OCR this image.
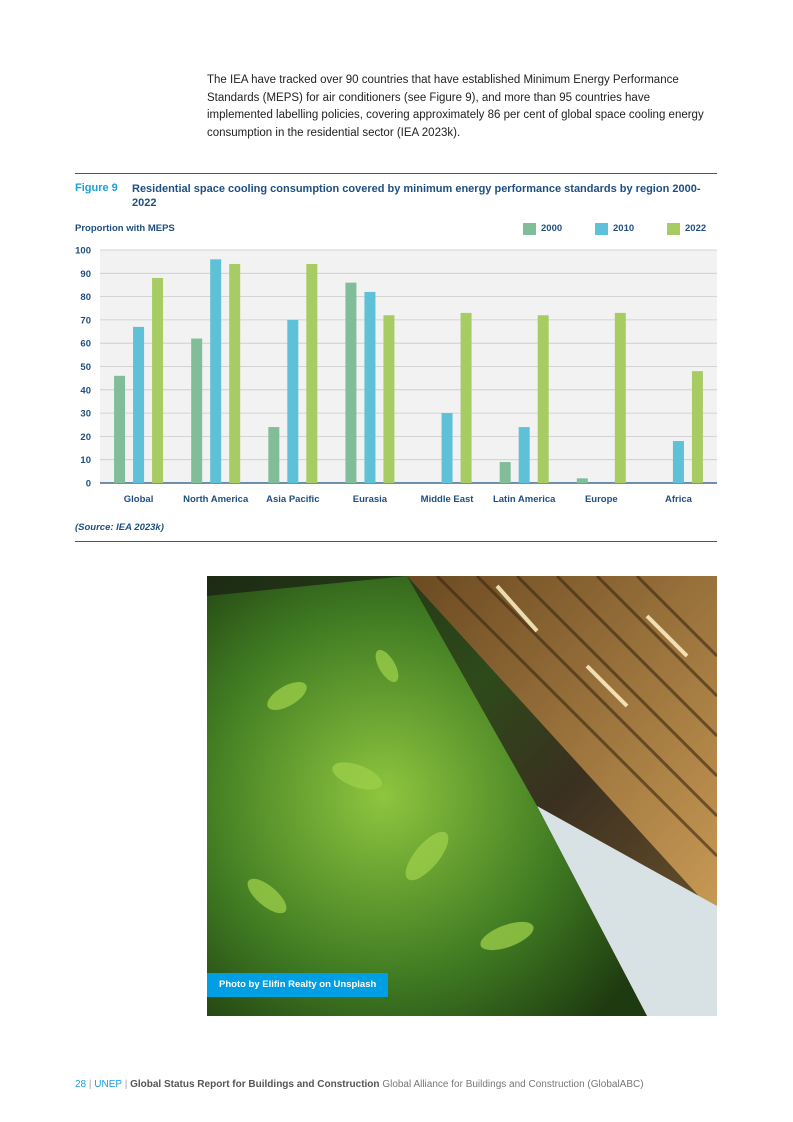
The IEA have tracked over 90 countries that have established Minimum Energy Performance Standards (MEPS) for air conditioners (see Figure 9), and more than 95 countries have implemented labelling policies, covering approximately 86 per cent of global space cooling energy consumption in the residential sector (IEA 2023k).
Figure 9 Residential space cooling consumption covered by minimum energy performance standards by region 2000-2022
Proportion with MEPS	2000	2010	2022
0
10
20
30
40
50
60
70
80
90
100
Global	North America Asia Pacific	Eurasia	Middle East Latin America	Europe	Africa
(Source: IEA 2023k)
Photo by Elifin Realty on Unsplash
28 | UNEP | Global Status Report for Buildings and Construction Global Alliance for Buildings and Construction (GlobalABC)
